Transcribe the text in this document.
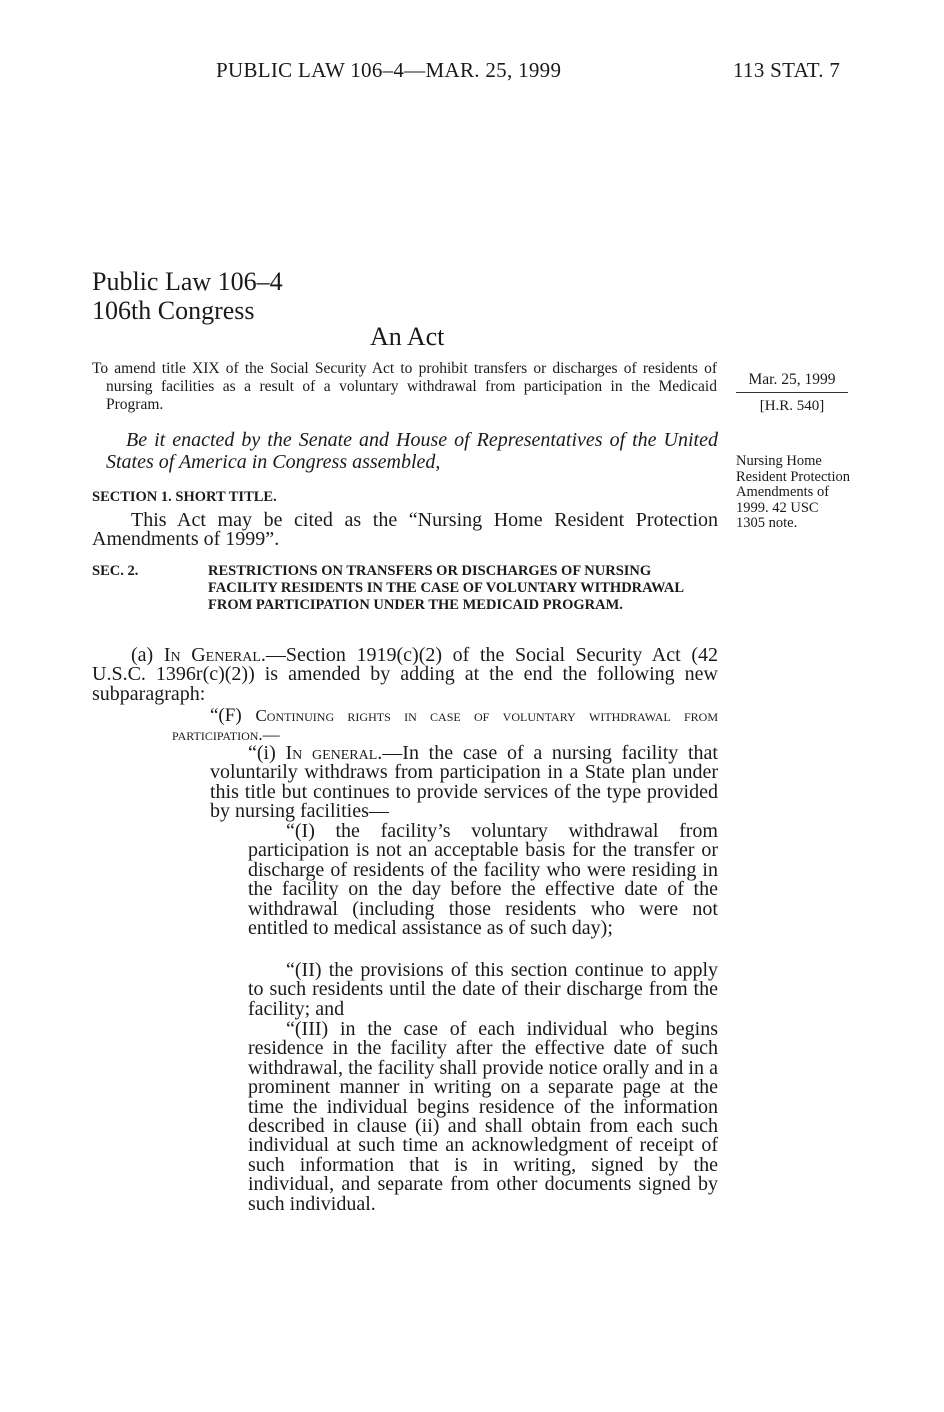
PUBLIC LAW 106–4—MAR. 25, 1999	113 STAT. 7
Public Law 106–4
106th Congress
An Act
To amend title XIX of the Social Security Act to prohibit transfers or discharges of residents of nursing facilities as a result of a voluntary withdrawal from participation in the Medicaid Program.
Mar. 25, 1999
[H.R. 540]
Nursing Home Resident Protection Amendments of 1999. 42 USC 1305 note.
Be it enacted by the Senate and House of Representatives of the United States of America in Congress assembled,
SECTION 1. SHORT TITLE.
This Act may be cited as the “Nursing Home Resident Protection Amendments of 1999”.
SEC. 2.	RESTRICTIONS ON TRANSFERS OR DISCHARGES OF NURSING FACILITY RESIDENTS IN THE CASE OF VOLUNTARY WITHDRAWAL FROM PARTICIPATION UNDER THE MEDICAID PROGRAM.
(a) In General.—Section 1919(c)(2) of the Social Security Act (42 U.S.C. 1396r(c)(2)) is amended by adding at the end the following new subparagraph:
“(F) Continuing rights in case of voluntary withdrawal from participation.—
“(i) In general.—In the case of a nursing facility that voluntarily withdraws from participation in a State plan under this title but continues to provide services of the type provided by nursing facilities—
“(I) the facility’s voluntary withdrawal from participation is not an acceptable basis for the transfer or discharge of residents of the facility who were residing in the facility on the day before the effective date of the withdrawal (including those residents who were not entitled to medical assistance as of such day);
“(II) the provisions of this section continue to apply to such residents until the date of their discharge from the facility; and
“(III) in the case of each individual who begins residence in the facility after the effective date of such withdrawal, the facility shall provide notice orally and in a prominent manner in writing on a separate page at the time the individual begins residence of the information described in clause (ii) and shall obtain from each such individual at such time an acknowledgment of receipt of such information that is in writing, signed by the individual, and separate from other documents signed by such individual.
